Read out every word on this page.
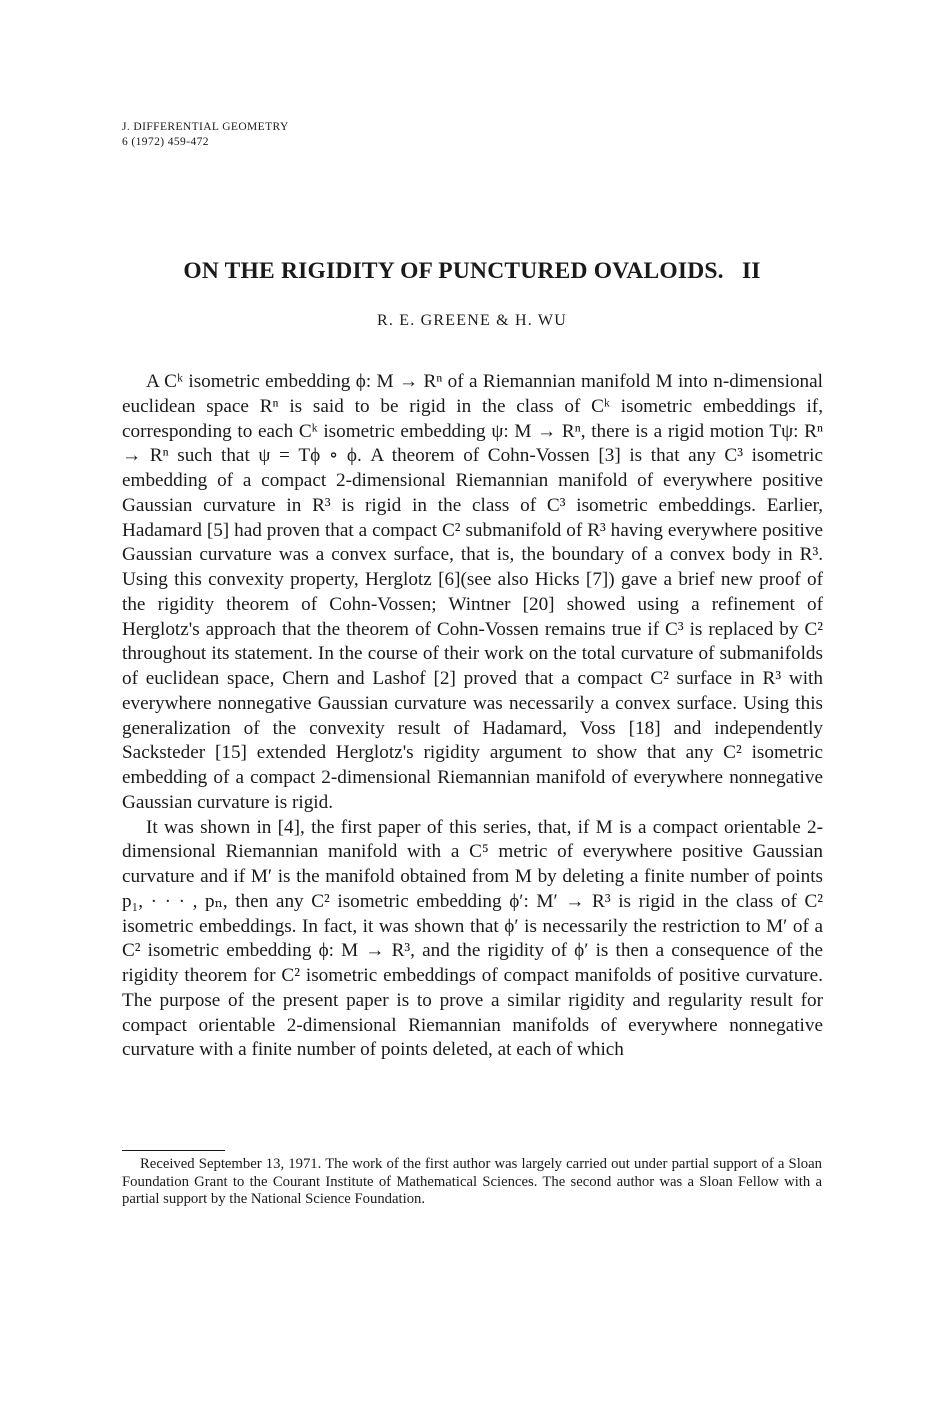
J. DIFFERENTIAL GEOMETRY
6 (1972) 459-472
ON THE RIGIDITY OF PUNCTURED OVALOIDS.   II
R. E. GREENE & H. WU

A Cᵏ isometric embedding ϕ: M → Rⁿ of a Riemannian manifold M into n-dimensional euclidean space Rⁿ is said to be rigid in the class of Cᵏ isometric embeddings if, corresponding to each Cᵏ isometric embedding ψ: M → Rⁿ, there is a rigid motion Tψ: Rⁿ → Rⁿ such that ψ = Tϕ ∘ ϕ. A theorem of Cohn-Vossen [3] is that any C³ isometric embedding of a compact 2-dimensional Riemannian manifold of everywhere positive Gaussian curvature in R³ is rigid in the class of C³ isometric embeddings. Earlier, Hadamard [5] had proven that a compact C² submanifold of R³ having everywhere positive Gaussian curvature was a convex surface, that is, the boundary of a convex body in R³. Using this convexity property, Herglotz [6](see also Hicks [7]) gave a brief new proof of the rigidity theorem of Cohn-Vossen; Wintner [20] showed using a refinement of Herglotz's approach that the theorem of Cohn-Vossen remains true if C³ is replaced by C² throughout its statement. In the course of their work on the total curvature of submanifolds of euclidean space, Chern and Lashof [2] proved that a compact C² surface in R³ with everywhere nonnegative Gaussian curvature was necessarily a convex surface. Using this generalization of the convexity result of Hadamard, Voss [18] and independently Sacksteder [15] extended Herglotz's rigidity argument to show that any C² isometric embedding of a compact 2-dimensional Riemannian manifold of everywhere nonnegative Gaussian curvature is rigid.

It was shown in [4], the first paper of this series, that, if M is a compact orientable 2-dimensional Riemannian manifold with a C⁵ metric of everywhere positive Gaussian curvature and if M′ is the manifold obtained from M by deleting a finite number of points p₁, · · · , pₙ, then any C² isometric embedding ϕ′: M′ → R³ is rigid in the class of C² isometric embeddings. In fact, it was shown that ϕ′ is necessarily the restriction to M′ of a C² isometric embedding ϕ: M → R³, and the rigidity of ϕ′ is then a consequence of the rigidity theorem for C² isometric embeddings of compact manifolds of positive curvature. The purpose of the present paper is to prove a similar rigidity and regularity result for compact orientable 2-dimensional Riemannian manifolds of everywhere nonnegative curvature with a finite number of points deleted, at each of which

Received September 13, 1971. The work of the first author was largely carried out under partial support of a Sloan Foundation Grant to the Courant Institute of Mathematical Sciences. The second author was a Sloan Fellow with a partial support by the National Science Foundation.
